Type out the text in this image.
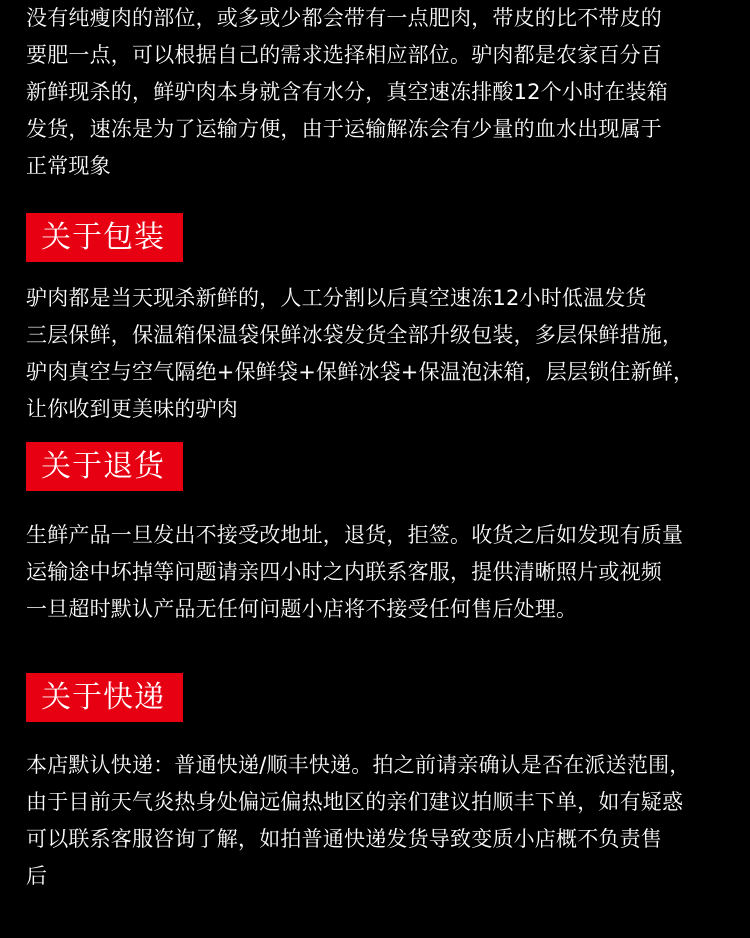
没有纯瘦肉的部位，或多或少都会带有一点肥肉，带皮的比不带皮的
要肥一点，可以根据自己的需求选择相应部位。驴肉都是农家百分百
新鲜现杀的，鲜驴肉本身就含有水分，真空速冻排酸12个小时在装箱
发货，速冻是为了运输方便，由于运输解冻会有少量的血水出现属于
正常现象
关于包装
驴肉都是当天现杀新鲜的，人工分割以后真空速冻12小时低温发货
三层保鲜，保温箱保温袋保鲜冰袋发货全部升级包装，多层保鲜措施，
驴肉真空与空气隔绝+保鲜袋+保鲜冰袋+保温泡沫箱，层层锁住新鲜，
让你收到更美味的驴肉
关于退货
生鲜产品一旦发出不接受改地址，退货，拒签。收货之后如发现有质量
运输途中坏掉等问题请亲四小时之内联系客服，提供清晰照片或视频
一旦超时默认产品无任何问题小店将不接受任何售后处理。
关于快递
本店默认快递：普通快递/顺丰快递。拍之前请亲确认是否在派送范围，
由于目前天气炎热身处偏远偏热地区的亲们建议拍顺丰下单，如有疑惑
可以联系客服咨询了解，如拍普通快递发货导致变质小店概不负责售
后
